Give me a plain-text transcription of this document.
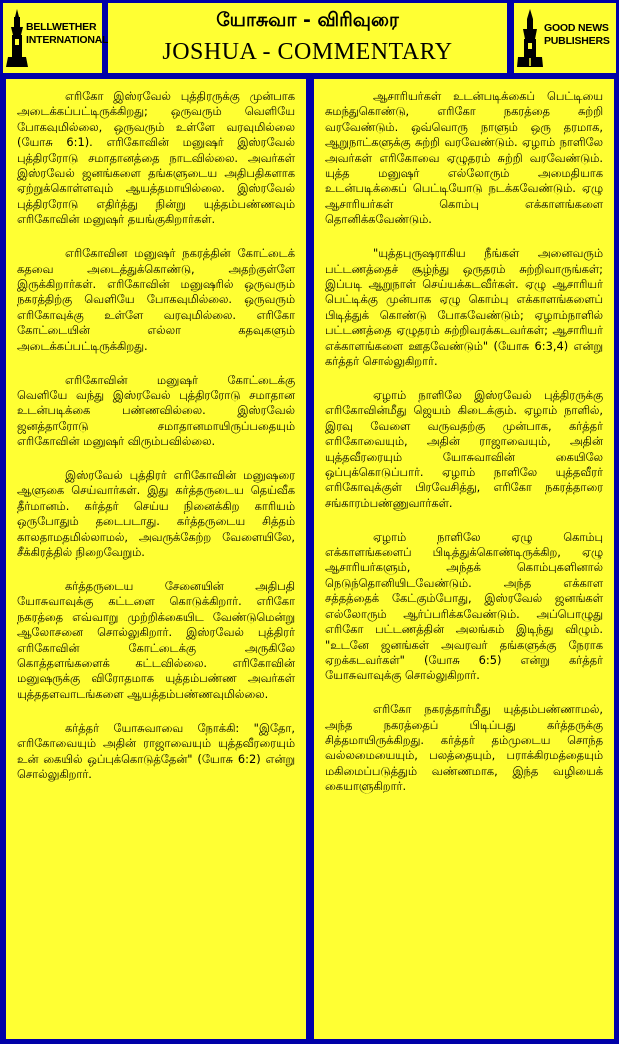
BELLWETHER INTERNATIONAL
யோசுவா - விரிவுரை
JOSHUA - COMMENTARY
GOOD NEWS PUBLISHERS

எரிகோ இஸ்ரவேல் புத்திரருக்கு முன்பாக அடைக்கப்பட்டிருக்கிறது; ஒருவரும் வெளியே போகவுமில்லை, ஒருவரும் உள்ளே வரவுமில்லை (யோசு 6:1). எரிகோவின் மனுஷர் இஸ்ரவேல் புத்திரரோடு சமாதானத்தை நாடவில்லை. அவர்கள் இஸ்ரவேல் ஜனங்களை தங்களுடைய அதிபதிகளாக ஏற்றுக்கொள்ளவும் ஆயத்தமாயில்லை. இஸ்ரவேல் புத்திரரோடு எதிர்த்து நின்று யுத்தம்பண்ணவும் எரிகோவின் மனுஷர் தயங்குகிறார்கள்.

எரிகோவின மனுஷர் நகரத்தின் கோட்டைக் கதவை அடைத்துக்கொண்டு, அதற்குள்ளே இருக்கிறார்கள். எரிகோவின் மனுஷரில் ஒருவரும் நகரத்திற்கு வெளியே போகவுமில்லை. ஒருவரும் எரிகோவுக்கு உள்ளே வரவுமில்லை. எரிகோ கோட்டையின் எல்லா கதவுகளும் அடைக்கப்பட்டிருக்கிறது.

எரிகோவின் மனுஷர் கோட்டைக்கு வெளியே வந்து இஸ்ரவேல் புத்திரரோடு சமாதான உடன்படிக்கை பண்ணவில்லை. இஸ்ரவேல் ஜனத்தாரோடு சமாதானமாயிருப்பதையும் எரிகோவின் மனுஷர் விரும்பவில்லை.

இஸ்ரவேல் புத்திரர் எரிகோவின் மனுஷரை ஆளுகை செய்வார்கள். இது கர்த்தருடைய தெய்வீக தீர்மானம். கர்த்தர் செய்ய நினைக்கிற காரியம் ஒருபோதும் தடைபடாது. கர்த்தருடைய சித்தம் காலதாமதமில்லாமல், அவருக்கேற்ற வேளையிலே, சீக்கிரத்தில் நிறைவேறும்.

கர்த்தருடைய சேனையின் அதிபதி யோசுவாவுக்கு கட்டளை கொடுக்கிறார். எரிகோ நகரத்தை எவ்வாறு முற்றிக்கையிட வேண்டுமென்று ஆலோசனை சொல்லுகிறார். இஸ்ரவேல் புத்திரர் எரிகோவின் கோட்டைக்கு அருகிலே கொத்தளங்களைக் கட்டவில்லை. எரிகோவின் மனுஷருக்கு விரோதமாக யுத்தம்பண்ண அவர்கள் யுத்ததளவாடங்களை ஆயத்தம்பண்ணவுமில்லை.

கர்த்தர் யோசுவாவை நோக்கி: "இதோ, எரிகோவையும் அதின் ராஜாவையும் யுத்தவீரரையும் உன் கையில் ஒப்புக்கொடுத்தேன்" (யோசு 6:2) என்று சொல்லுகிறார்.

ஆசாரியர்கள் உடன்படிக்கைப் பெட்டியை சுமந்துகொண்டு, எரிகோ நகரத்தை சுற்றி வரவேண்டும். ஒவ்வொரு நாளும் ஒரு தரமாக, ஆறுநாட்களுக்கு சுற்றி வரவேண்டும். ஏழாம் நாளிலே அவர்கள் எரிகோவை ஏழுதரம் சுற்றி வரவேண்டும். யுத்த மனுஷர் எல்லோரும் அமைதியாக உடன்படிக்கைப் பெட்டியோடு நடக்கவேண்டும். ஏழு ஆசாரியர்கள் கொம்பு எக்காளங்களை தொனிக்கவேண்டும்.

"யுத்தபுருஷராகிய நீங்கள் அனைவரும் பட்டணத்தைச் சூழ்ந்து ஒருதரம் சுற்றிவாருங்கள்; இப்படி ஆறுநாள் செய்யக்கடவீர்கள். ஏழு ஆசாரியர் பெட்டிக்கு முன்பாக ஏழு கொம்பு எக்காளங்களைப் பிடித்துக் கொண்டு போகவேண்டும்; ஏழாம்நாளில் பட்டணத்தை ஏழுதரம் சுற்றிவரக்கடவர்கள்; ஆசாரியர் எக்காளங்களை ஊதவேண்டும்" (யோசு 6:3,4) என்று கர்த்தர் சொல்லுகிறார்.

ஏழாம் நாளிலே இஸ்ரவேல் புத்திரருக்கு எரிகோவின்மீது ஜெயம் கிடைக்கும். ஏழாம் நாளில், இரவு வேளை வருவதற்கு முன்பாக, கர்த்தர் எரிகோவையும், அதின் ராஜாவையும், அதின் யுத்தவீரரையும் யோசுவாவின் கையிலே ஒப்புக்கொடுப்பார். ஏழாம் நாளிலே யுத்தவீரர் எரிகோவுக்குள் பிரவேசித்து, எரிகோ நகரத்தாரை சங்காரம்பண்ணுவார்கள்.

ஏழாம் நாளிலே ஏழு கொம்பு எக்காளங்களைப் பிடித்துக்கொண்டிருக்கிற, ஏழு ஆசாரியர்களும், அந்தக் கொம்புகளினால் நெடுந்தொனியிடவேண்டும். அந்த எக்காள சத்தத்தைக் கேட்கும்போது, இஸ்ரவேல் ஜனங்கள் எல்லோரும் ஆர்ப்பரிக்கவேண்டும். அப்பொழுது எரிகோ பட்டணத்தின் அலங்கம் இடிந்து விழும். "உடனே ஜனங்கள் அவரவர் தங்களுக்கு நேராக ஏறக்கடவர்கள்" (யோசு 6:5) என்று கர்த்தர் யோசுவாவுக்கு சொல்லுகிறார்.

எரிகோ நகரத்தார்மீது யுத்தம்பண்ணாமல், அந்த நகரத்தைப் பிடிப்பது கர்த்தருக்கு சித்தமாயிருக்கிறது. கர்த்தர் தம்முடைய சொந்த வல்லமையையும், பலத்தையும், பராக்கிரமத்தையும் மகிமைப்படுத்தும் வண்ணமாக, இந்த வழியைக் கையாளுகிறார்.
